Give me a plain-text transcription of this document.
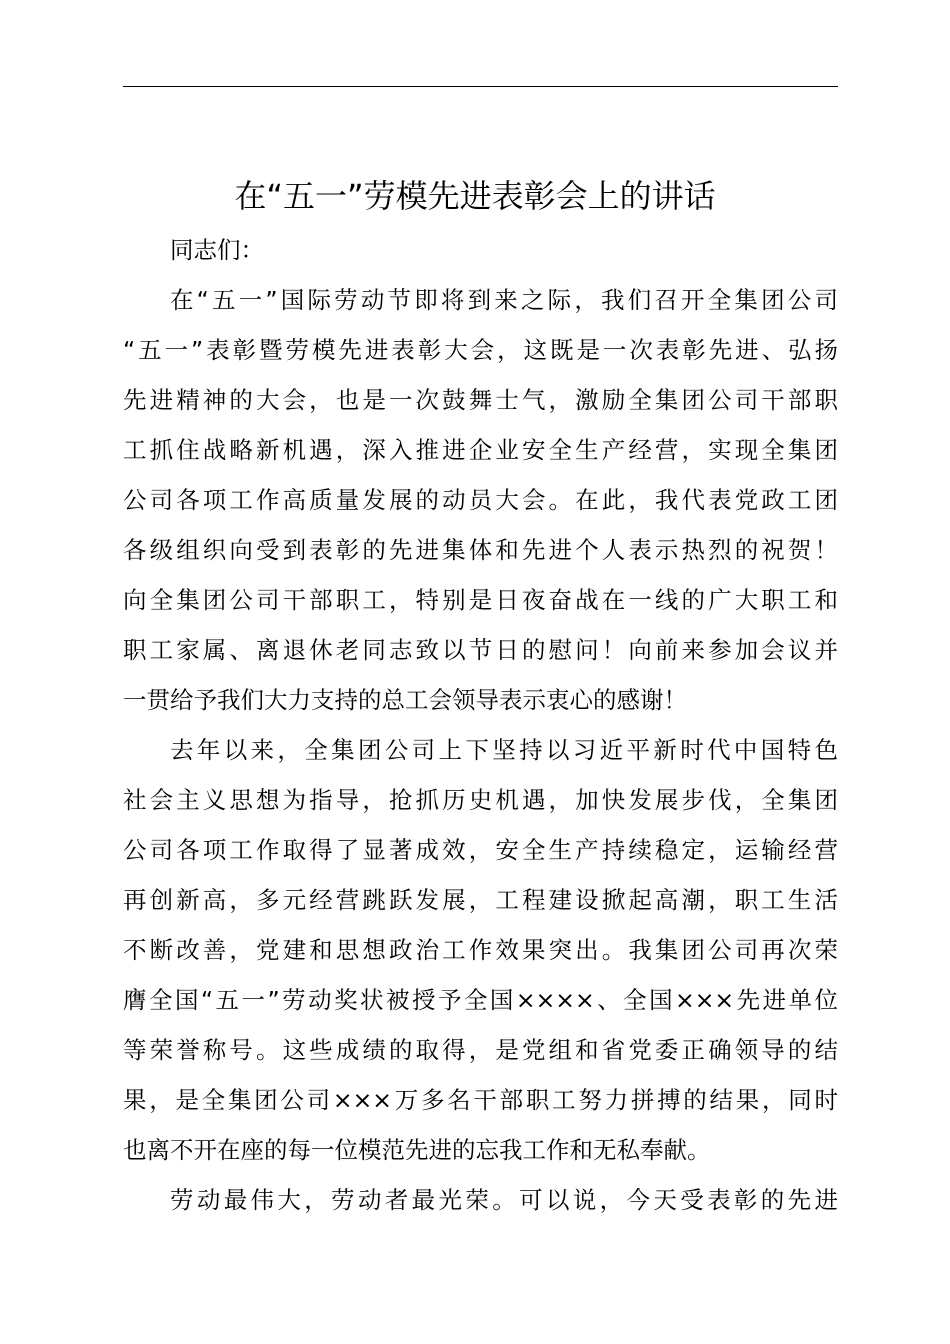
在“五一”劳模先进表彰会上的讲话
同志们：
在“五一”国际劳动节即将到来之际，我们召开全集团公司
“五一”表彰暨劳模先进表彰大会，这既是一次表彰先进、弘扬
先进精神的大会，也是一次鼓舞士气，激励全集团公司干部职
工抓住战略新机遇，深入推进企业安全生产经营，实现全集团
公司各项工作高质量发展的动员大会。在此，我代表党政工团
各级组织向受到表彰的先进集体和先进个人表示热烈的祝贺！
向全集团公司干部职工，特别是日夜奋战在一线的广大职工和
职工家属、离退休老同志致以节日的慰问！向前来参加会议并
一贯给予我们大力支持的总工会领导表示衷心的感谢！
去年以来，全集团公司上下坚持以习近平新时代中国特色
社会主义思想为指导，抢抓历史机遇，加快发展步伐，全集团
公司各项工作取得了显著成效，安全生产持续稳定，运输经营
再创新高，多元经营跳跃发展，工程建设掀起高潮，职工生活
不断改善，党建和思想政治工作效果突出。我集团公司再次荣
膺全国“五一”劳动奖状被授予全国××××、全国×××先进单位
等荣誉称号。这些成绩的取得，是党组和省党委正确领导的结
果，是全集团公司×××万多名干部职工努力拼搏的结果，同时
也离不开在座的每一位模范先进的忘我工作和无私奉献。
劳动最伟大，劳动者最光荣。可以说，今天受表彰的先进
